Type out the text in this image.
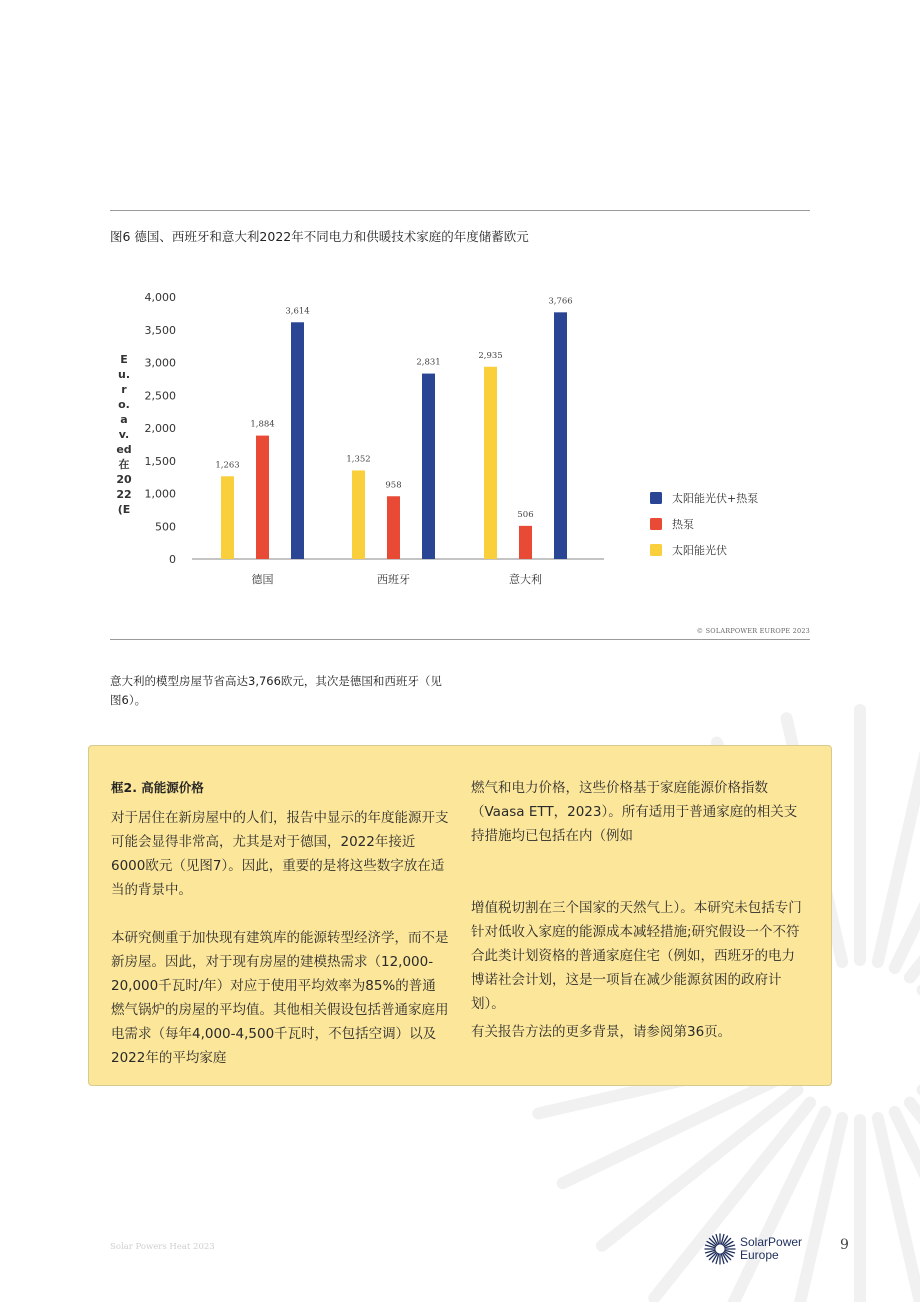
图6 德国、西班牙和意大利2022年不同电力和供暖技术家庭的年度储蓄欧元
0
500
1,000
1,500
2,000
2,500
3,000
3,500
4,000
1,263
1,884
3,614
1,352
958
2,831
2,935
506
3,766
德国	西班牙	意大利
太阳能光伏+热泵
热泵
太阳能光伏
Eu.ro.av.ed在2022(E
© SOLARPOWER EUROPE 2023

意大利的模型房屋节省高达3,766欧元，其次是德国和西班牙（见图6）。

框2. 高能源价格

对于居住在新房屋中的人们，报告中显示的年度能源开支可能会显得非常高，尤其是对于德国，2022年接近6000欧元（见图7）。因此，重要的是将这些数字放在适当的背景中。

本研究侧重于加快现有建筑库的能源转型经济学，而不是新房屋。因此，对于现有房屋的建模热需求（12,000-20,000千瓦时/年）对应于使用平均效率为85%的普通燃气锅炉的房屋的平均值。其他相关假设包括普通家庭用电需求（每年4,000-4,500千瓦时，不包括空调）以及2022年的平均家庭

燃气和电力价格，这些价格基于家庭能源价格指数（Vaasa ETT，2023）。所有适用于普通家庭的相关支持措施均已包括在内（例如

增值税切割在三个国家的天然气上）。本研究未包括专门针对低收入家庭的能源成本减轻措施;研究假设一个不符合此类计划资格的普通家庭住宅（例如，西班牙的电力博诺社会计划，这是一项旨在减少能源贫困的政府计划）。

有关报告方法的更多背景，请参阅第36页。

Solar Powers Heat 2023	SolarPower
Europe
9
